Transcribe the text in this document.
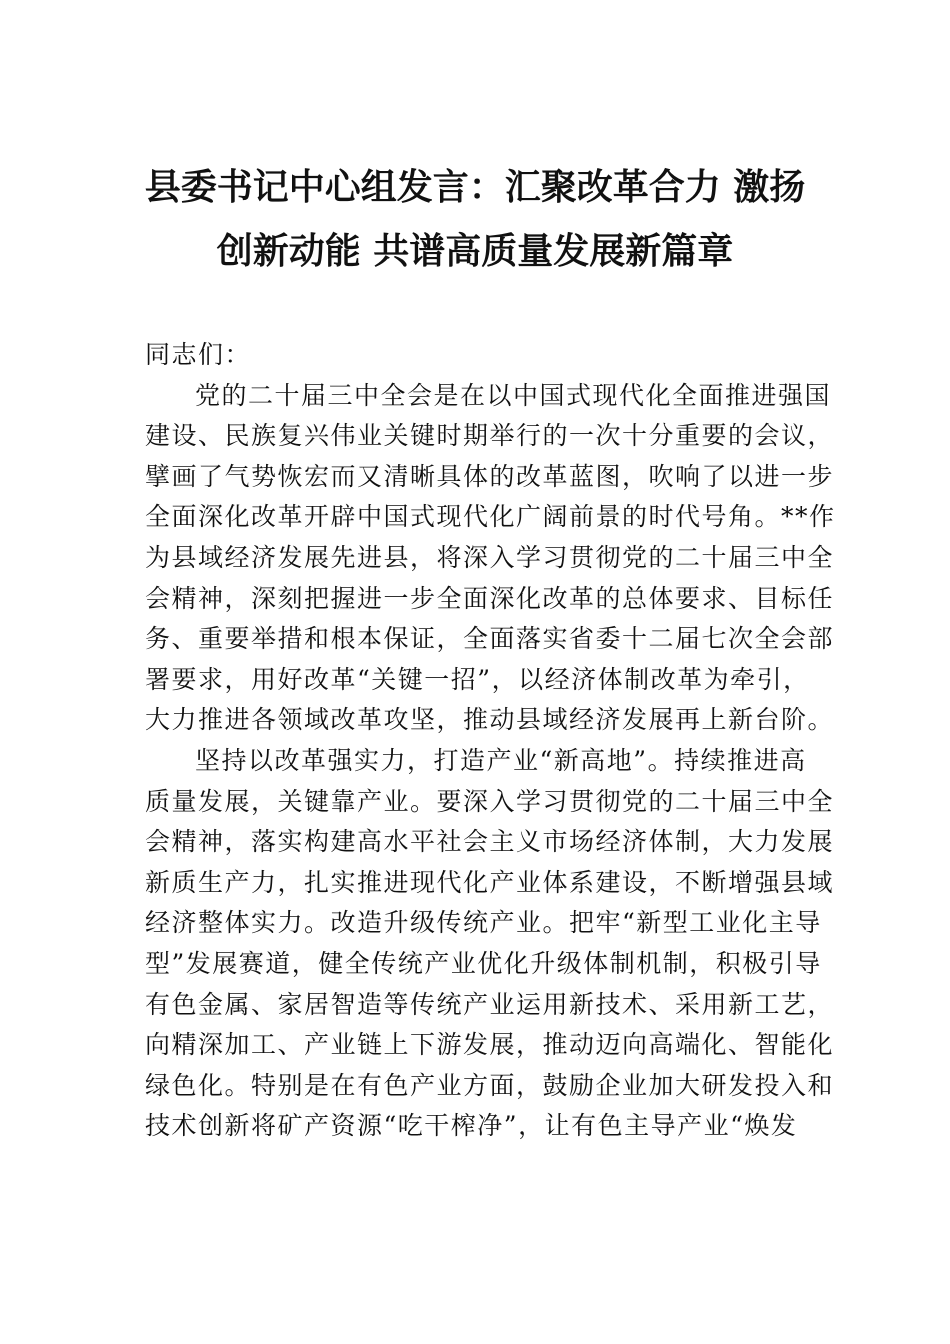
县委书记中心组发言：汇聚改革合力 激扬
创新动能 共谱高质量发展新篇章

同志们：

党的二十届三中全会是在以中国式现代化全面推进强国
建设、民族复兴伟业关键时期举行的一次十分重要的会议，
擘画了气势恢宏而又清晰具体的改革蓝图，吹响了以进一步
全面深化改革开辟中国式现代化广阔前景的时代号角。**作
为县域经济发展先进县，将深入学习贯彻党的二十届三中全
会精神，深刻把握进一步全面深化改革的总体要求、目标任
务、重要举措和根本保证，全面落实省委十二届七次全会部
署要求，用好改革“关键一招”，以经济体制改革为牵引，
大力推进各领域改革攻坚，推动县域经济发展再上新台阶。

坚持以改革强实力，打造产业“新高地”。持续推进高
质量发展，关键靠产业。要深入学习贯彻党的二十届三中全
会精神，落实构建高水平社会主义市场经济体制，大力发展
新质生产力，扎实推进现代化产业体系建设，不断增强县域
经济整体实力。改造升级传统产业。把牢“新型工业化主导
型”发展赛道，健全传统产业优化升级体制机制，积极引导
有色金属、家居智造等传统产业运用新技术、采用新工艺，
向精深加工、产业链上下游发展，推动迈向高端化、智能化
绿色化。特别是在有色产业方面，鼓励企业加大研发投入和
技术创新将矿产资源“吃干榨净”，让有色主导产业“焕发
